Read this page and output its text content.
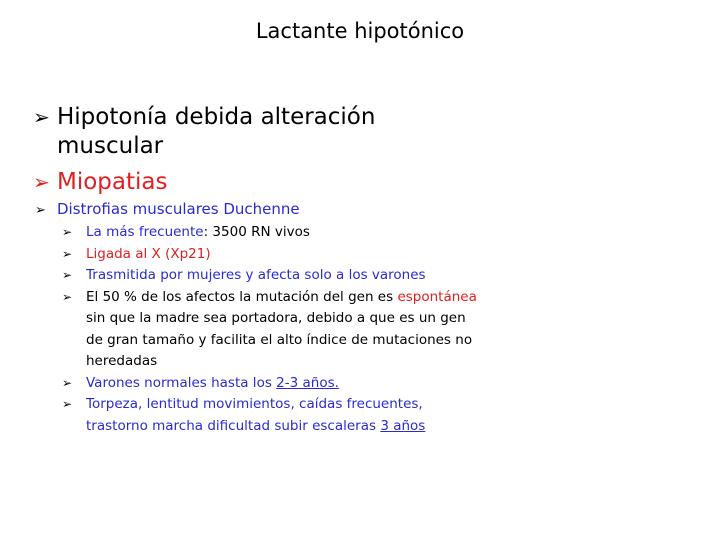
Lactante hipotónico
➢ Hipotonía debida alteración
muscular
➢ Miopatias
➢ Distrofias musculares Duchenne
➢ La más frecuente: 3500 RN vivos
➢ Ligada al X (Xp21)
➢ Trasmitida por mujeres y afecta solo a los varones
➢ El 50 % de los afectos la mutación del gen es espontánea sin que la madre sea portadora, debido a que es un gen de gran tamaño y facilita el alto índice de mutaciones no heredadas
➢ Varones normales hasta los 2-3 años.
➢ Torpeza, lentitud movimientos, caídas frecuentes, trastorno marcha dificultad subir escaleras 3 años
